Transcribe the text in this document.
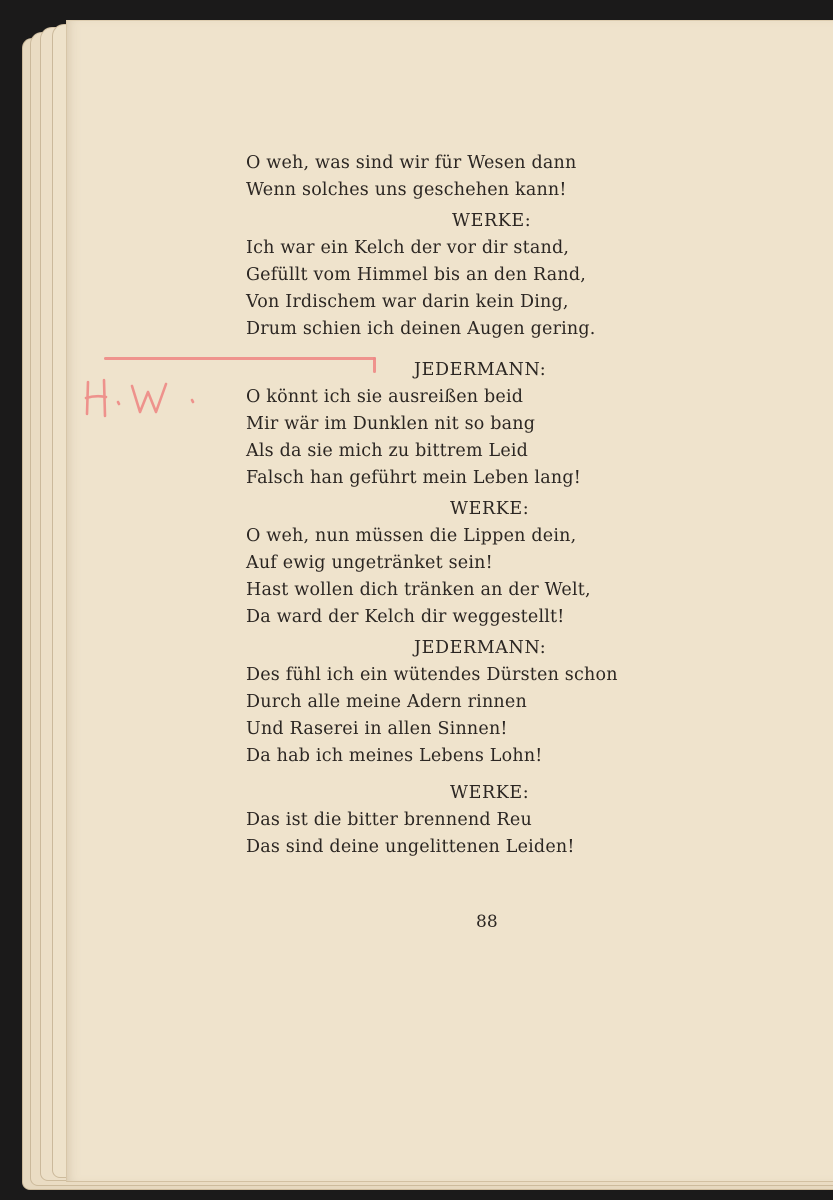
O weh, was sind wir für Wesen dann
Wenn solches uns geschehen kann!
WERKE:
Ich war ein Kelch der vor dir stand,
Gefüllt vom Himmel bis an den Rand,
Von Irdischem war darin kein Ding,
Drum schien ich deinen Augen gering.
JEDERMANN:
O könnt ich sie ausreißen beid
Mir wär im Dunklen nit so bang
Als da sie mich zu bittrem Leid
Falsch han geführt mein Leben lang!
WERKE:
O weh, nun müssen die Lippen dein,
Auf ewig ungetränket sein!
Hast wollen dich tränken an der Welt,
Da ward der Kelch dir weggestellt!
JEDERMANN:
Des fühl ich ein wütendes Dürsten schon
Durch alle meine Adern rinnen
Und Raserei in allen Sinnen!
Da hab ich meines Lebens Lohn!
WERKE:
Das ist die bitter brennend Reu
Das sind deine ungelittenen Leiden!
88
